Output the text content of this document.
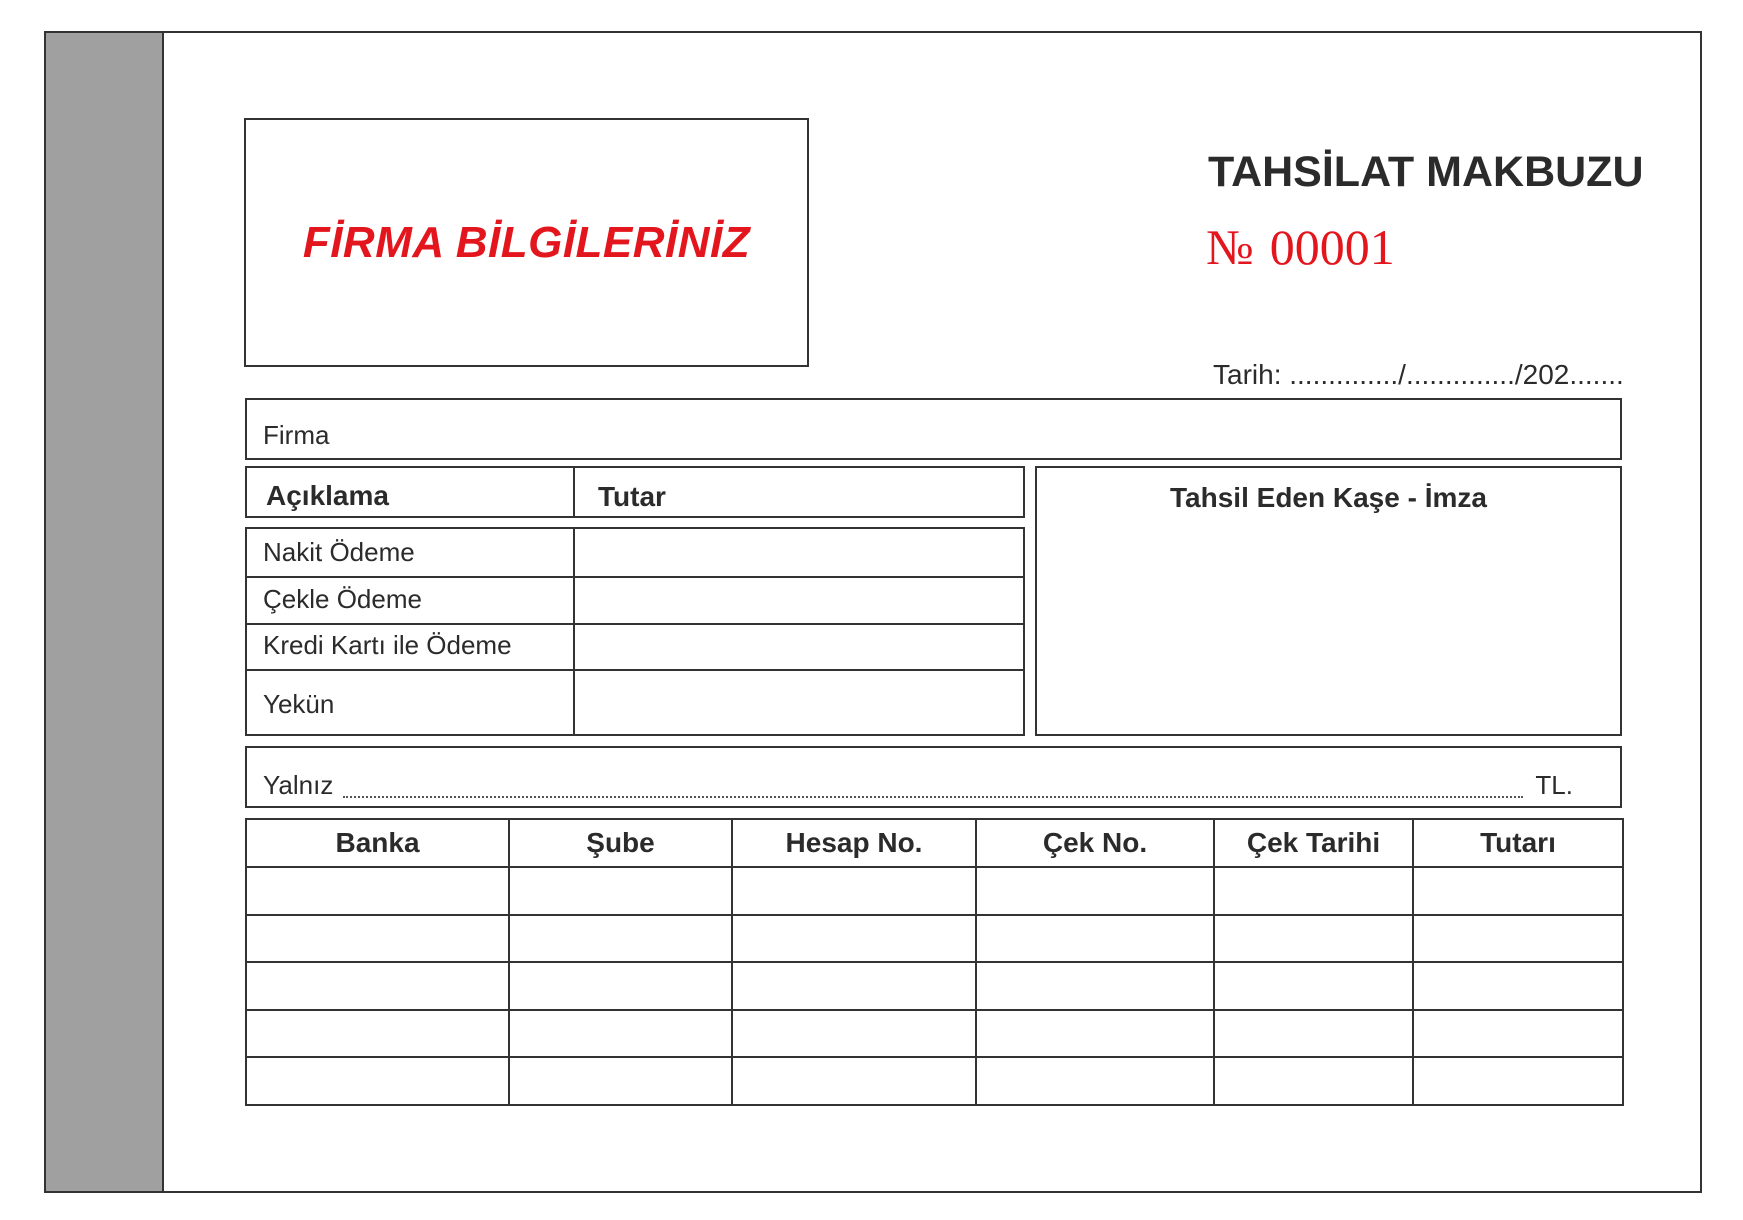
FİRMA BİLGİLERİNİZ
TAHSİLAT MAKBUZU
№ 00001
Tarih: ............../............../202.......
Firma
Açıklama	Tutar
Nakit Ödeme
Çekle Ödeme
Kredi Kartı ile Ödeme
Yekün
Tahsil Eden Kaşe - İmza
Yalnız	TL.
Banka	Şube	Hesap No.	Çek No.	Çek Tarihi	Tutarı
